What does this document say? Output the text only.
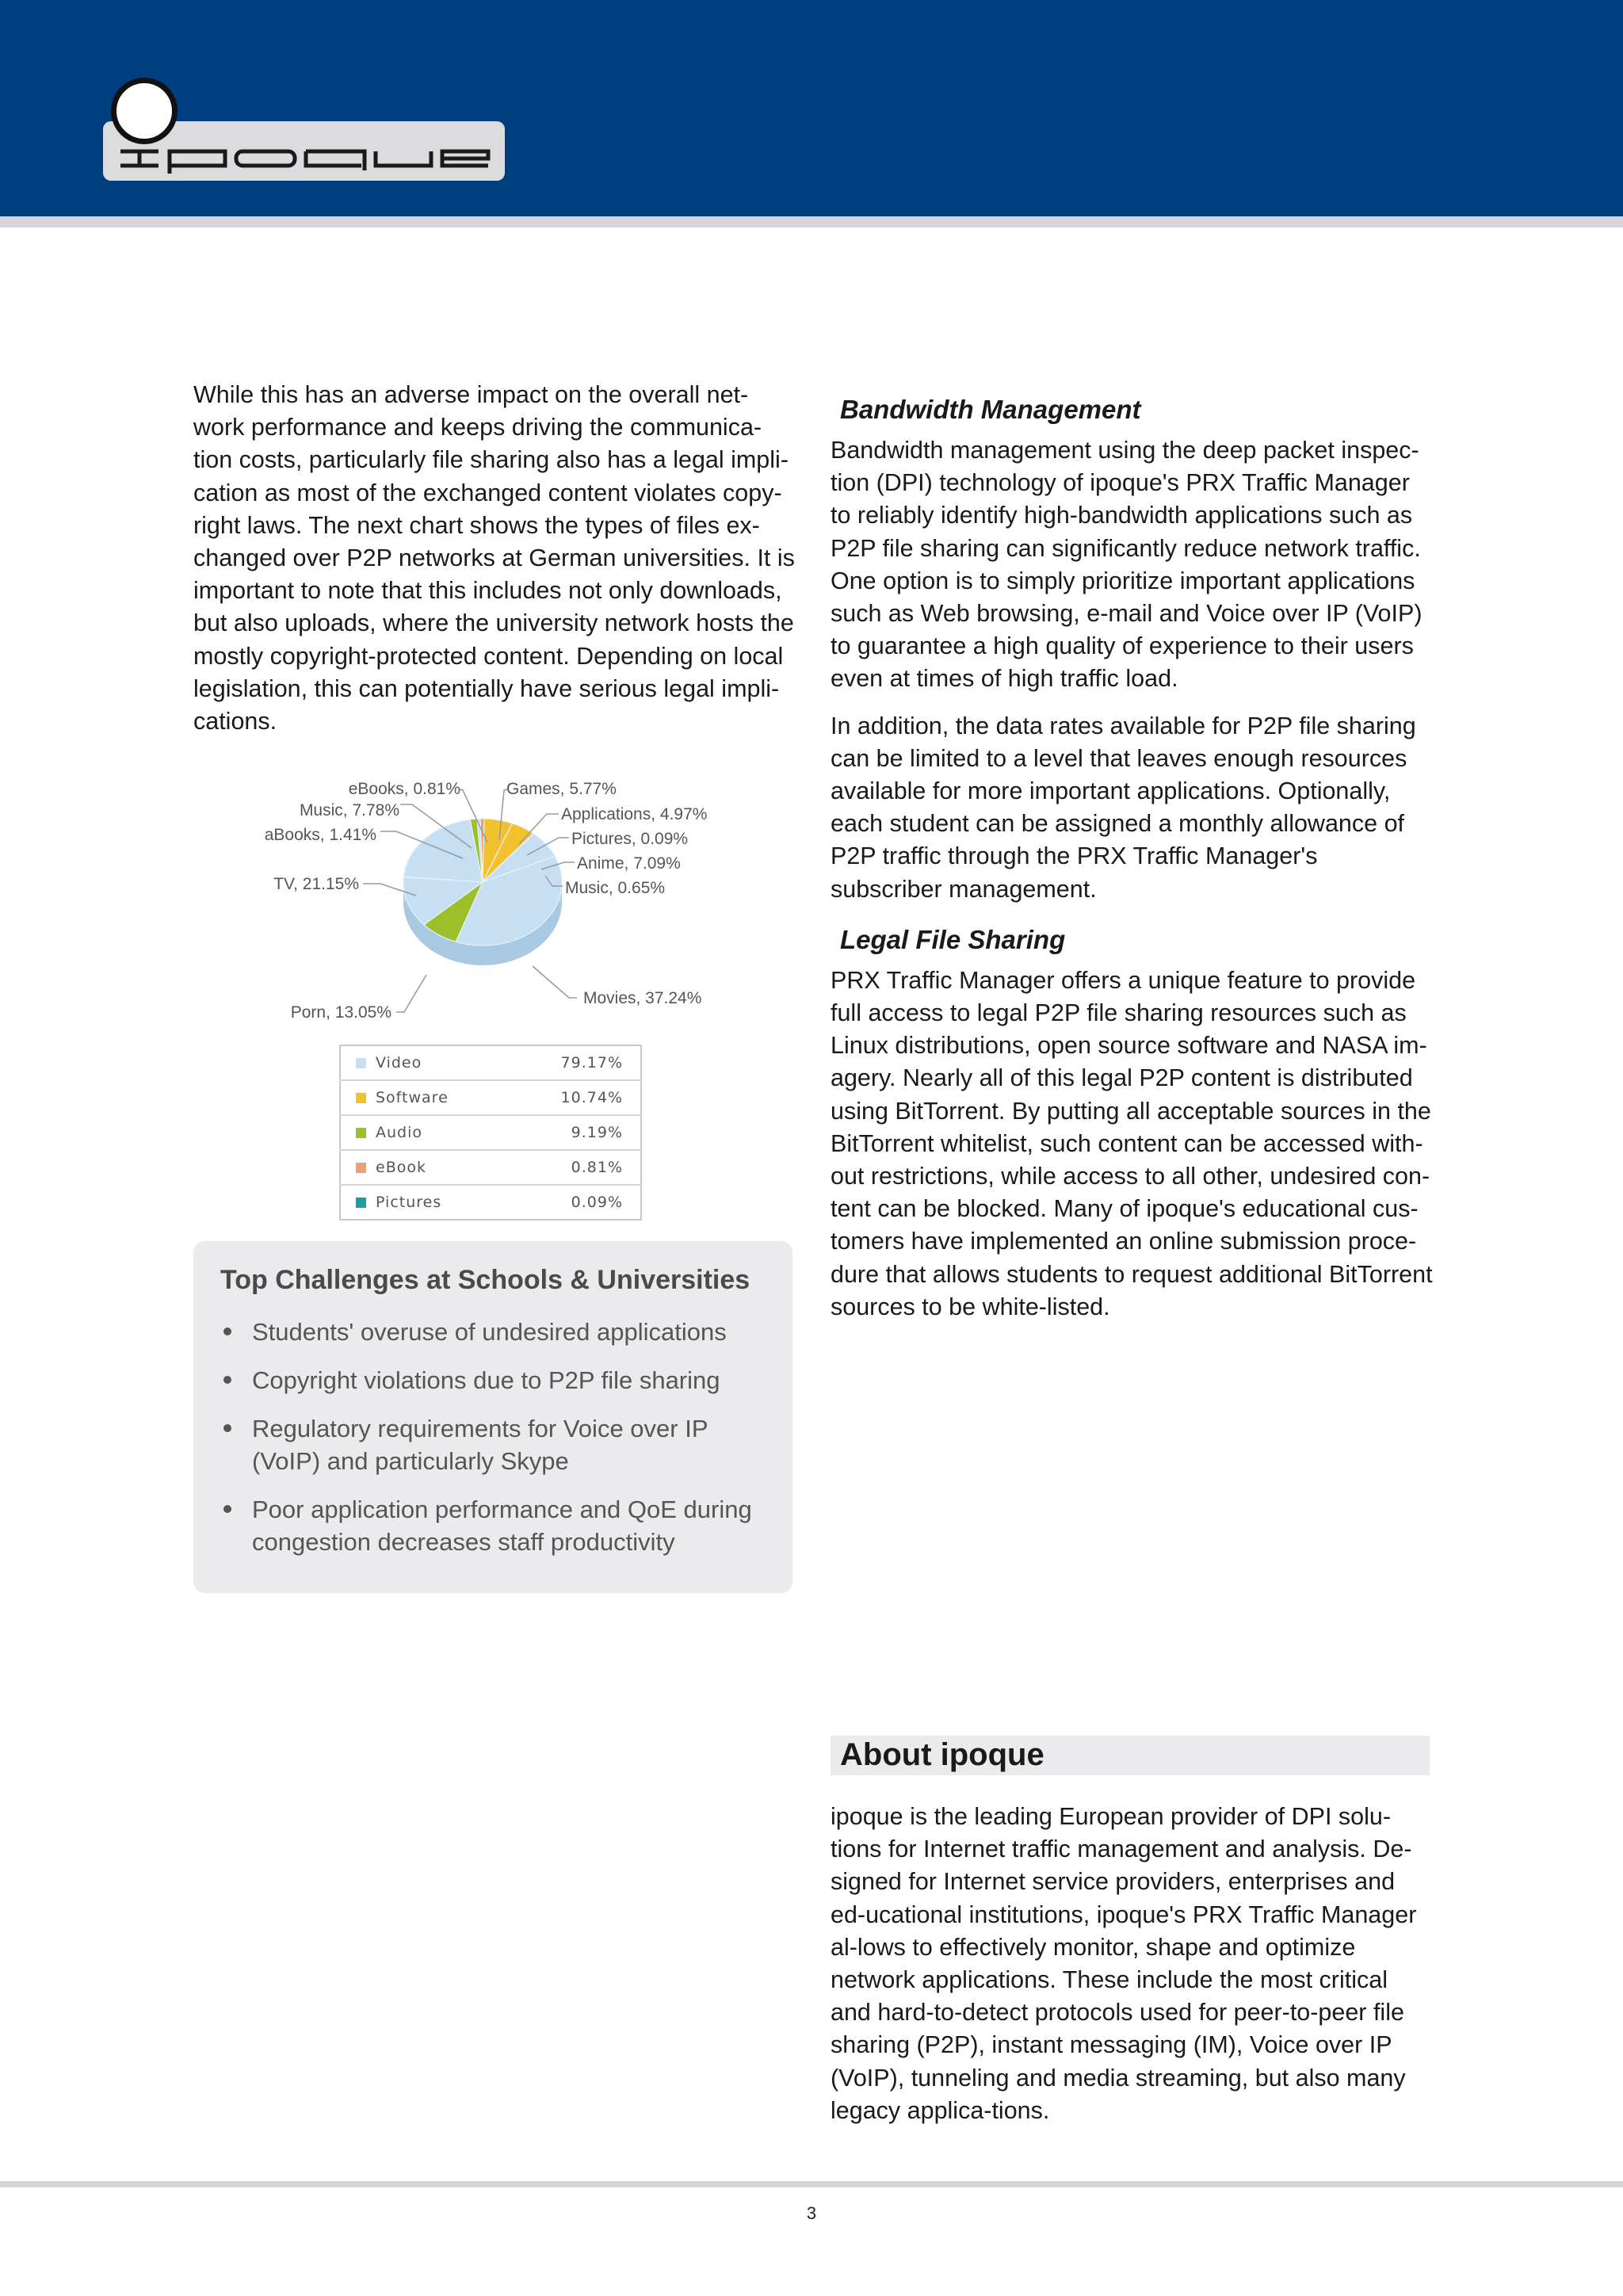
While this has an adverse impact on the overall net-work performance and keeps driving the communica-tion costs, particularly file sharing also has a legal impli-cation as most of the exchanged content violates copy-right laws. The next chart shows the types of files ex-changed over P2P networks at German universities. It is important to note that this includes not only downloads, but also uploads, where the university network hosts the mostly copyright-protected content. Depending on local legislation, this can potentially have serious legal impli-cations.

eBooks, 0.81%	Games, 5.77%
Music, 7.78%	Applications, 4.97%
aBooks, 1.41%	Pictures, 0.09%
Anime, 7.09%
TV, 21.15%	Music, 0.65%
Movies, 37.24%
Porn, 13.05%
Video	79.17%
Software	10.74%
Audio	9.19%
eBook	0.81%
Pictures	0.09%
Top Challenges at Schools & Universities
Students' overuse of undesired applications
Copyright violations due to P2P file sharing
Regulatory requirements for Voice over IP (VoIP) and particularly Skype
Poor application performance and QoE during congestion decreases staff productivity
Bandwidth Management

Bandwidth management using the deep packet inspec-tion (DPI) technology of ipoque's PRX Traffic Manager to reliably identify high-bandwidth applications such as P2P file sharing can significantly reduce network traffic. One option is to simply prioritize important applications such as Web browsing, e-mail and Voice over IP (VoIP) to guarantee a high quality of experience to their users even at times of high traffic load.

In addition, the data rates available for P2P file sharing can be limited to a level that leaves enough resources available for more important applications. Optionally, each student can be assigned a monthly allowance of P2P traffic through the PRX Traffic Manager's subscriber management.

Legal File Sharing

PRX Traffic Manager offers a unique feature to provide full access to legal P2P file sharing resources such as Linux distributions, open source software and NASA im-agery. Nearly all of this legal P2P content is distributed using BitTorrent. By putting all acceptable sources in the BitTorrent whitelist, such content can be accessed with-out restrictions, while access to all other, undesired con-tent can be blocked. Many of ipoque's educational cus-tomers have implemented an online submission proce-dure that allows students to request additional BitTorrent sources to be white-listed.

About ipoque

ipoque is the leading European provider of DPI solu-tions for Internet traffic management and analysis. De-signed for Internet service providers, enterprises and ed-ucational institutions, ipoque's PRX Traffic Manager al-lows to effectively monitor, shape and optimize network applications. These include the most critical and hard-to-detect protocols used for peer-to-peer file sharing (P2P), instant messaging (IM), Voice over IP (VoIP), tunneling and media streaming, but also many legacy applica-tions.

3
